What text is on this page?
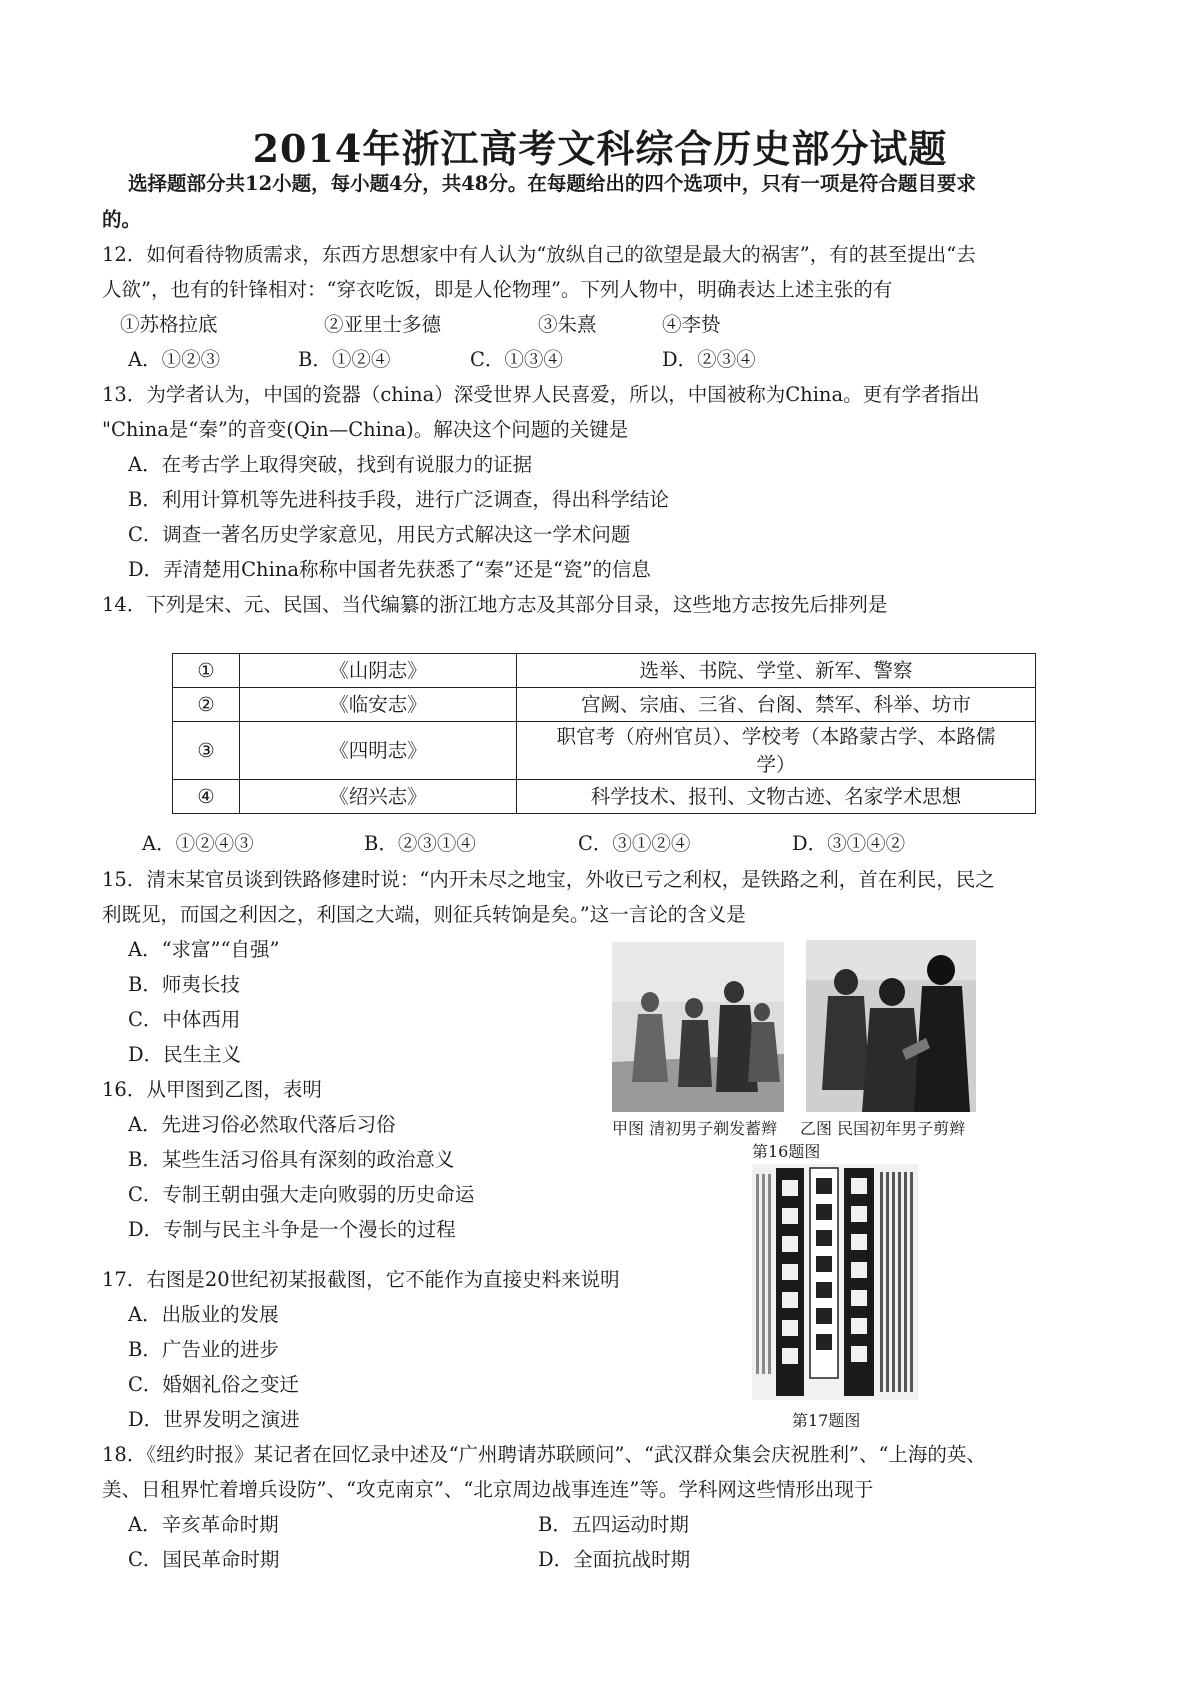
2014年浙江高考文科综合历史部分试题
选择题部分共12小题，每小题4分，共48分。在每题给出的四个选项中，只有一项是符合题目要求
的。
12．如何看待物质需求，东西方思想家中有人认为“放纵自己的欲望是最大的祸害”，有的甚至提出“去
人欲”，也有的针锋相对：“穿衣吃饭，即是人伦物理”。下列人物中，明确表达上述主张的有
①苏格拉底	②亚里士多德	③朱熹	④李贽
A．①②③	B．①②④	C．①③④	D．②③④
13．为学者认为，中国的瓷器（china）深受世界人民喜爱，所以，中国被称为China。更有学者指出
"China是“秦”的音变(Qin—China)。解决这个问题的关键是
A．在考古学上取得突破，找到有说服力的证据
B．利用计算机等先进科技手段，进行广泛调查，得出科学结论
C．调查一著名历史学家意见，用民方式解决这一学术问题
D．弄清楚用China称称中国者先获悉了“秦”还是“瓷”的信息
14．下列是宋、元、民国、当代编纂的浙江地方志及其部分目录，这些地方志按先后排列是
①	《山阴志》	选举、书院、学堂、新军、警察
②	《临安志》	宫阙、宗庙、三省、台阁、禁军、科举、坊市
③	《四明志》	职官考（府州官员）、学校考（本路蒙古学、本路儒
学）

④	《绍兴志》	科学技术、报刊、文物古迹、名家学术思想
A．①②④③	B．②③①④	C．③①②④	D．③①④②
15．清末某官员谈到铁路修建时说：“内开未尽之地宝，外收已亏之利权，是铁路之利，首在利民，民之
利既见，而国之利因之，利国之大端，则征兵转饷是矣。”这一言论的含义是
A．“求富”“自强”
B．师夷长技
C．中体西用
D．民生主义
16．从甲图到乙图，表明
A．先进习俗必然取代落后习俗
B．某些生活习俗具有深刻的政治意义
C．专制王朝由强大走向败弱的历史命运
D．专制与民主斗争是一个漫长的过程
甲图 清初男子剃发蓄辫 乙图 民国初年男子剪辫
第16题图
17．右图是20世纪初某报截图，它不能作为直接史料来说明
A．出版业的发展
B．广告业的进步
C．婚姻礼俗之变迁
D．世界发明之演进	第17题图
18．《纽约时报》某记者在回忆录中述及“广州聘请苏联顾问”、“武汉群众集会庆祝胜利”、“上海的英、
美、日租界忙着增兵设防”、“攻克南京”、“北京周边战事连连”等。学科网这些情形出现于
A．辛亥革命时期	B．五四运动时期
C．国民革命时期	D．全面抗战时期
